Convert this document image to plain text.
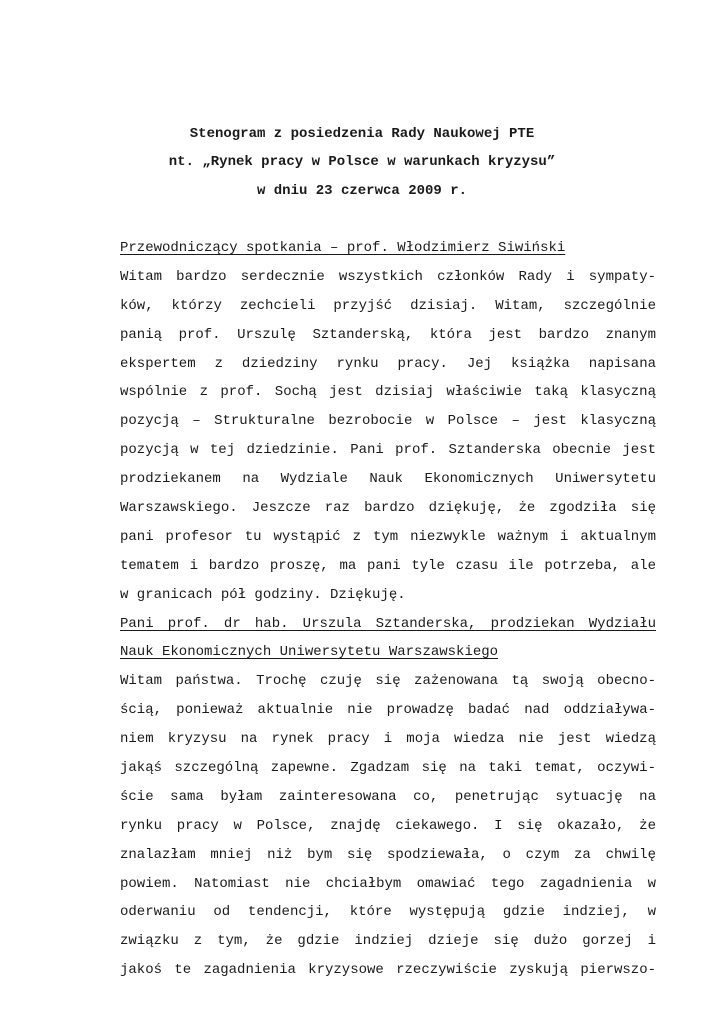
Stenogram z posiedzenia Rady Naukowej PTE
nt. „Rynek pracy w Polsce w warunkach kryzysu”
w dniu 23 czerwca 2009 r.
Przewodniczący spotkania – prof. Włodzimierz Siwiński
Witam bardzo serdecznie wszystkich członków Rady i sympaty-
ków, którzy zechcieli przyjść dzisiaj. Witam, szczególnie
panią prof. Urszulę Sztanderską, która jest bardzo znanym
ekspertem z dziedziny rynku pracy. Jej książka napisana
wspólnie z prof. Sochą jest dzisiaj właściwie taką klasyczną
pozycją – Strukturalne bezrobocie w Polsce – jest klasyczną
pozycją w tej dziedzinie. Pani prof. Sztanderska obecnie jest
prodziekanem na Wydziale Nauk Ekonomicznych Uniwersytetu
Warszawskiego. Jeszcze raz bardzo dziękuję, że zgodziła się
pani profesor tu wystąpić z tym niezwykle ważnym i aktualnym
tematem i bardzo proszę, ma pani tyle czasu ile potrzeba, ale
w granicach pół godziny. Dziękuję.
Pani prof. dr hab. Urszula Sztanderska, prodziekan Wydziału
Nauk Ekonomicznych Uniwersytetu Warszawskiego
Witam państwa. Trochę czuję się zażenowana tą swoją obecno-
ścią, ponieważ aktualnie nie prowadzę badać nad oddziaływa-
niem kryzysu na rynek pracy i moja wiedza nie jest wiedzą
jakąś szczególną zapewne. Zgadzam się na taki temat, oczywi-
ście sama byłam zainteresowana co, penetrując sytuację na
rynku pracy w Polsce, znajdę ciekawego. I się okazało, że
znalazłam mniej niż bym się spodziewała, o czym za chwilę
powiem. Natomiast nie chciałbym omawiać tego zagadnienia w
oderwaniu od tendencji, które występują gdzie indziej, w
związku z tym, że gdzie indziej dzieje się dużo gorzej i
jakoś te zagadnienia kryzysowe rzeczywiście zyskują pierwszo-
